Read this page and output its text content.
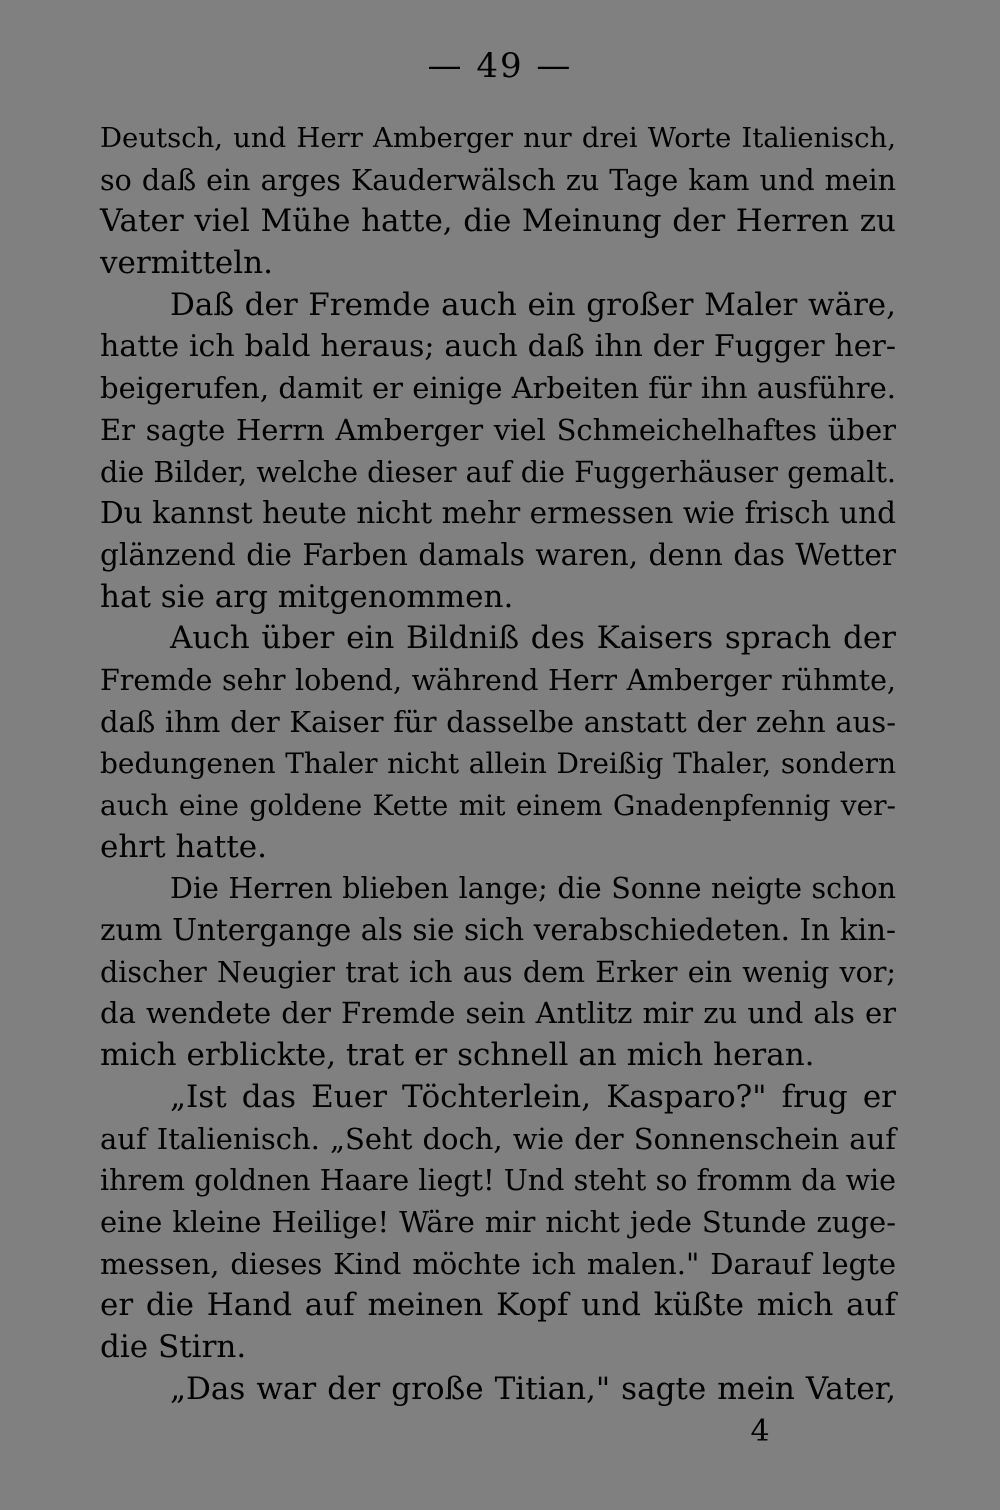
— 49 —
Deutsch, und Herr Amberger nur drei Worte Italienisch,
so daß ein arges Kauderwälsch zu Tage kam und mein
Vater viel Mühe hatte, die Meinung der Herren zu
vermitteln.
Daß der Fremde auch ein großer Maler wäre,
hatte ich bald heraus; auch daß ihn der Fugger her-
beigerufen, damit er einige Arbeiten für ihn ausführe.
Er sagte Herrn Amberger viel Schmeichelhaftes über
die Bilder, welche dieser auf die Fuggerhäuser gemalt.
Du kannst heute nicht mehr ermessen wie frisch und
glänzend die Farben damals waren, denn das Wetter
hat sie arg mitgenommen.
Auch über ein Bildniß des Kaisers sprach der
Fremde sehr lobend, während Herr Amberger rühmte,
daß ihm der Kaiser für dasselbe anstatt der zehn aus-
bedungenen Thaler nicht allein Dreißig Thaler, sondern
auch eine goldene Kette mit einem Gnadenpfennig ver-
ehrt hatte.
Die Herren blieben lange; die Sonne neigte schon
zum Untergange als sie sich verabschiedeten. In kin-
discher Neugier trat ich aus dem Erker ein wenig vor;
da wendete der Fremde sein Antlitz mir zu und als er
mich erblickte, trat er schnell an mich heran.
„Ist das Euer Töchterlein, Kasparo?" frug er
auf Italienisch. „Seht doch, wie der Sonnenschein auf
ihrem goldnen Haare liegt! Und steht so fromm da wie
eine kleine Heilige! Wäre mir nicht jede Stunde zuge-
messen, dieses Kind möchte ich malen." Darauf legte
er die Hand auf meinen Kopf und küßte mich auf
die Stirn.
„Das war der große Titian," sagte mein Vater,
4
